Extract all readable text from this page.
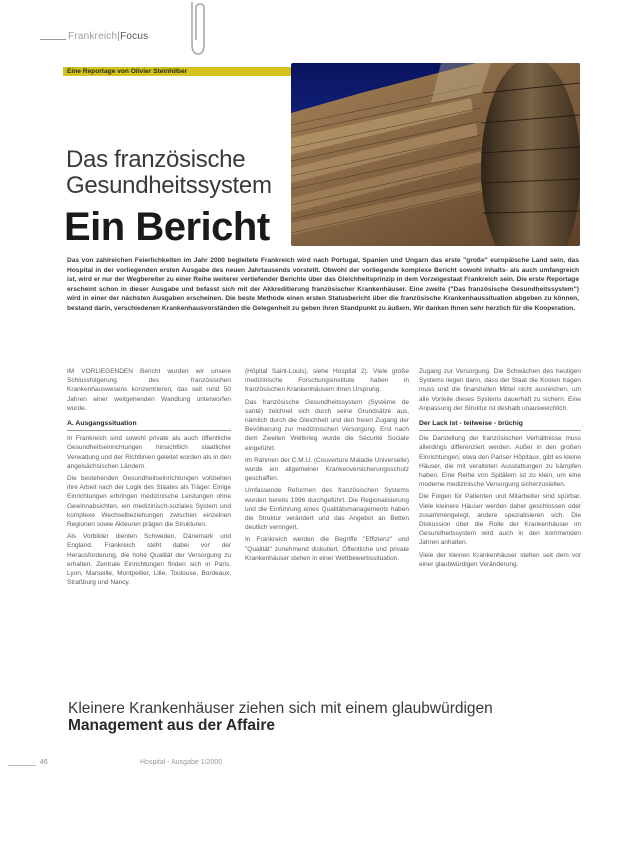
Frankreich|Focus
Eine Reportage von Olivier Steinhilber
Das französische
Gesundheitssystem
Ein Bericht
Das von zahlreichen Feierlichkeiten im Jahr 2000 begleitete Frankreich wird nach Portugal, Spanien und Ungarn das erste "große" europäische Land sein, das Hospital in der vorliegenden ersten Ausgabe des neuen Jahrtausends vorstellt. Obwohl der vorliegende komplexe Bericht sowohl inhalts- als auch umfangreich ist, wird er nur der Wegbereiter zu einer Reihe weiterer vertiefender Berichte über das Gleichheitsprinzip in dem Vorzeigestaat Frankreich sein. Die erste Reportage erscheint schon in dieser Ausgabe und befasst sich mit der Akkreditierung französischer Krankenhäuser. Eine zweite ("Das französische Gesundheitssystem") wird in einer der nächsten Ausgaben erscheinen. Die beste Methode einen ersten Statusbericht über die französische Krankenhaussituation abgeben zu können, bestand darin, verschiedenen Krankenhausvorständen die Gelegenheit zu geben ihren Standpunkt zu äußern. Wir danken Ihnen sehr herzlich für die Kooperation.

IM VORLIEGENDEN Bericht wurden wir unsere Schlussfolgerung des französischen Krankenhauswesens konzentrieren, das seit rund 50 Jahren einer weitgehenden Wandlung unterworfen wurde.

A. Ausgangssituation

In Frankreich sind sowohl private als auch öffentliche Gesundheitseinrichtungen hinsichtlich staatlicher Verwaltung und der Richtlinien geleitet worden als in den angelsächsischen Ländern.

Die bestehenden Gesundheitseinrichtungen vollziehen ihre Arbeit nach der Logik des Staates als Träger. Einige Einrichtungen erbringen medizinische Leistungen ohne Gewinnabsichten, ein medizinisch-soziales System und komplexe Wechselbeziehungen zwischen einzelnen Regionen sowie Akteuren prägen die Strukturen.

Als Vorbilder dienten Schweden, Dänemark und England. Frankreich steht dabei vor der Herausforderung, die hohe Qualität der Versorgung zu erhalten. Zentrale Einrichtungen finden sich in Paris, Lyon, Marseille, Montpellier, Lille, Toulouse, Bordeaux, Straßburg und Nancy.

(Hôpital Saint-Louis), siehe Hospital 2). Viele große medizinische Forschungsinstitute haben in französischen Krankenhäusern ihren Ursprung.

Das französische Gesundheitssystem (Système de santé) zeichnet sich durch seine Grundsätze aus, nämlich durch die Gleichheit und den freien Zugang der Bevölkerung zur medizinischen Versorgung. Erst nach dem Zweiten Weltkrieg wurde die Sécurité Sociale eingeführt.

Im Rahmen der C.M.U. (Couverture Maladie Universelle) wurde ein allgemeiner Krankenversicherungsschutz geschaffen.

Umfassende Reformen des französischen Systems wurden bereits 1996 durchgeführt. Die Regionalisierung und die Einführung eines Qualitätsmanagements haben die Struktur verändert und das Angebot an Betten deutlich verringert.

In Frankreich werden die Begriffe "Effizienz" und "Qualität" zunehmend diskutiert. Öffentliche und private Krankenhäuser stehen in einer Wettbewerbssituation.

Zugang zur Versorgung. Die Schwächen des heutigen Systems liegen darin, dass der Staat die Kosten tragen muss und die finanziellen Mittel nicht ausreichen, um alle Vorteile dieses Systems dauerhaft zu sichern. Eine Anpassung der Struktur ist deshalb unausweichlich.

Der Lack ist - teilweise - brüchig

Die Darstellung der französischen Verhältnisse muss allerdings differenziert werden. Außer in den großen Einrichtungen, etwa den Pariser Hôpitaux, gibt es kleine Häuser, die mit veralteten Ausstattungen zu kämpfen haben. Eine Reihe von Spitälern ist zu klein, um eine moderne medizinische Versorgung sicherzustellen.

Die Folgen für Patienten und Mitarbeiter sind spürbar. Viele kleinere Häuser werden daher geschlossen oder zusammengelegt, andere spezialisieren sich. Die Diskussion über die Rolle der Krankenhäuser im Gesundheitssystem wird auch in den kommenden Jahren anhalten.

Viele der kleinen Krankenhäuser stehen seit dem vor einer glaubwürdigen Veränderung.

Kleinere Krankenhäuser ziehen sich mit einem glaubwürdigen
Management aus der Affaire
46	Hospital - Ausgabe 1/2000
